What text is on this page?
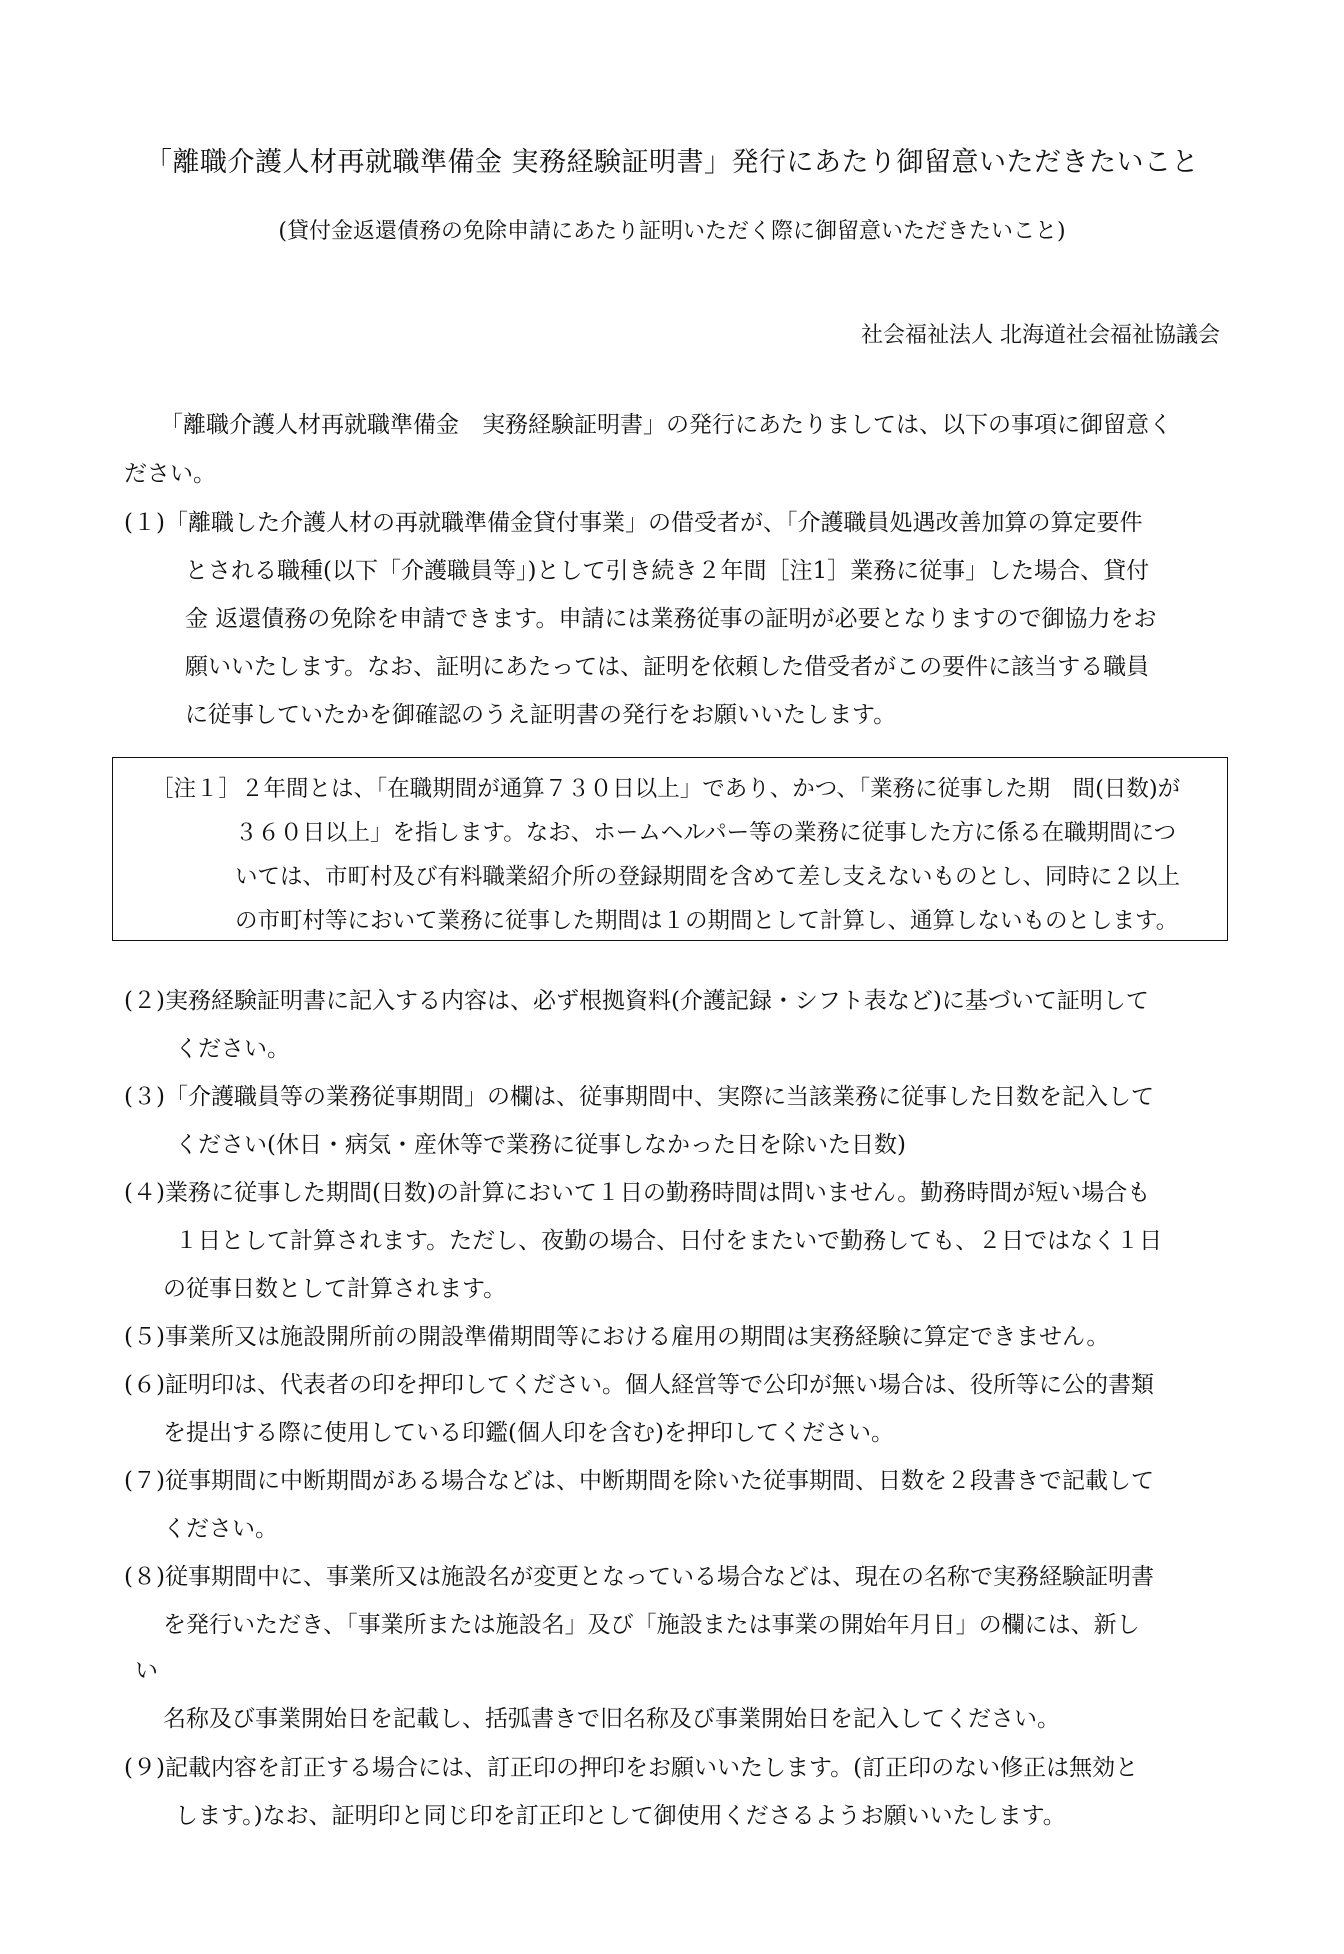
「離職介護人材再就職準備金 実務経験証明書」発行にあたり御留意いただきたいこと
(貸付金返還債務の免除申請にあたり証明いただく際に御留意いただきたいこと)
社会福祉法人 北海道社会福祉協議会
「離職介護人材再就職準備金　実務経験証明書」の発行にあたりましては、以下の事項に御留意く
ださい。
(１)「離職した介護人材の再就職準備金貸付事業」の借受者が、「介護職員処遇改善加算の算定要件
とされる職種(以下「介護職員等」)として引き続き２年間［注1］業務に従事」した場合、貸付
金 返還債務の免除を申請できます。申請には業務従事の証明が必要となりますので御協力をお
願いいたします。なお、証明にあたっては、証明を依頼した借受者がこの要件に該当する職員
に従事していたかを御確認のうえ証明書の発行をお願いいたします。
［注１］２年間とは、「在職期間が通算７３０日以上」であり、かつ、「業務に従事した期　間(日数)が
３６０日以上」を指します。なお、ホームヘルパー等の業務に従事した方に係る在職期間につ
いては、市町村及び有料職業紹介所の登録期間を含めて差し支えないものとし、同時に２以上
の市町村等において業務に従事した期間は１の期間として計算し、通算しないものとします。
(２)実務経験証明書に記入する内容は、必ず根拠資料(介護記録・シフト表など)に基づいて証明して
ください。
(３)「介護職員等の業務従事期間」の欄は、従事期間中、実際に当該業務に従事した日数を記入して
ください(休日・病気・産休等で業務に従事しなかった日を除いた日数)
(４)業務に従事した期間(日数)の計算において１日の勤務時間は問いません。勤務時間が短い場合も
１日として計算されます。ただし、夜勤の場合、日付をまたいで勤務しても、２日ではなく１日
の従事日数として計算されます。
(５)事業所又は施設開所前の開設準備期間等における雇用の期間は実務経験に算定できません。
(６)証明印は、代表者の印を押印してください。個人経営等で公印が無い場合は、役所等に公的書類
を提出する際に使用している印鑑(個人印を含む)を押印してください。
(７)従事期間に中断期間がある場合などは、中断期間を除いた従事期間、日数を２段書きで記載して
ください。
(８)従事期間中に、事業所又は施設名が変更となっている場合などは、現在の名称で実務経験証明書
を発行いただき、「事業所または施設名」及び「施設または事業の開始年月日」の欄には、新し
い
名称及び事業開始日を記載し、括弧書きで旧名称及び事業開始日を記入してください。
(９)記載内容を訂正する場合には、訂正印の押印をお願いいたします。(訂正印のない修正は無効と
します。)なお、証明印と同じ印を訂正印として御使用くださるようお願いいたします。
